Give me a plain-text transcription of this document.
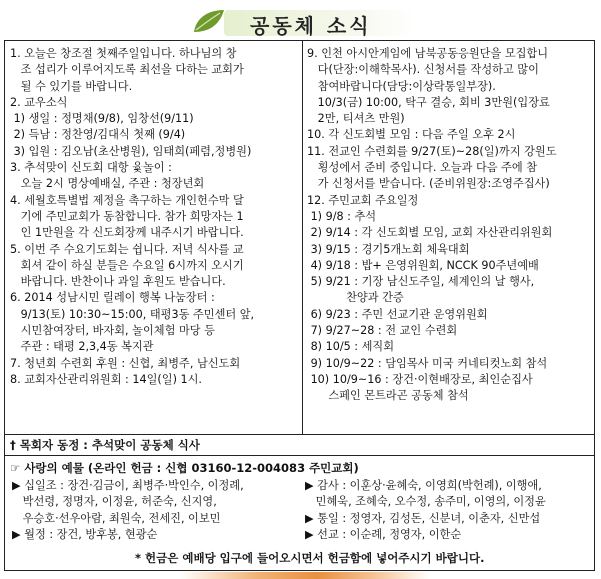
공동체 소식
1. 오늘은 창조절 첫째주일입니다. 하나님의 창
조 섭리가 이루어지도록 최선을 다하는 교회가
될 수 있기를 바랍니다.
2. 교우소식
1) 생일 : 정명채(9/8), 임창선(9/11)
2) 득남 : 정찬영/김대식 첫째 (9/4)
3) 입원 : 김오남(초산병원), 임태희(페렴,정병원)
3. 추석맞이 신도회 대항 윷놀이 :
오늘 2시 명상예배실, 주관 : 청장년회
4. 세월호특별법 제정을 촉구하는 개인헌수막 달
기에 주민교회가 동참합니다. 참가 희망자는 1
인 1만원을 각 신도회장께 내주시기 바랍니다.
5. 이번 주 수요기도회는 쉽니다. 저녁 식사를 교
회셔 같이 하실 분들은 수요일 6시까지 오시기
바랍니다. 반찬이나 과일 후원도 받습니다.
6. 2014 성남시민 릴레이 행복 나눔장터 :
9/13(토) 10:30~15:00, 태평3동 주민센터 앞,
시민참여장터, 바자회, 놀이체험 마당 등
주관 : 태평 2,3,4동 복지관
7. 청년회 수련회 후원 : 신협, 최병주, 남신도회
8. 교회자산관리위원회 : 14일(일) 1시.
9. 인천 아시안게임에 남북공동응원단을 모집합니
다(단장:이해학목사). 신청서를 작성하고 많이
참여바랍니다(담당:이상락통일부장).
10/3(금) 10:00, 탁구 결승, 회비 3만원(입장료
2만, 티셔츠 만원)
10. 각 신도회별 모임 : 다음 주일 오후 2시
11. 전교인 수련회를 9/27(토)~28(일)까지 강원도
횡성에서 준비 중입니다. 오늘과 다음 주에 참
가 신청서를 받습니다. (준비위원장:조영주집사)
12. 주민교회 주요일정
1) 9/8 : 추석
2) 9/14 : 각 신도회별 모임, 교회 자산관리위원회
3) 9/15 : 경기5개노회 체육대회
4) 9/18 : 밥+ 은영위원회, NCCK 90주년예배
5) 9/21 : 기장 남신도주일, 세계인의 날 행사,
찬양과 간증
6) 9/23 : 주민 선교기관 운영위원회
7) 9/27~28 : 전 교인 수련회
8) 10/5 : 세직회
9) 10/9~22 : 담임목사 미국 커네티컷노회 참석
10) 10/9~16 : 장건·이현배장로, 최인순집사
스페인 몬트라곤 공동체 참석
† 목회자 동정 : 추석맞이 공동체 식사
☞ 사랑의 예물 (온라인 헌금 : 신협 03160-12-004083 주민교회)
▶ 십일조 : 장건·김금이, 최병주·박인수, 이정례,
박선령, 정명자, 이정윤, 허준숙, 신지영,
우승호·선우아람, 최원숙, 전세진, 이보민
▶ 월정 : 장건, 방후봉, 현광순
▶ 감사 : 이훈상·윤혜숙, 이영희(박헌례), 이행애,
민혜욱, 조혜숙, 오수정, 송주미, 이영의, 이정윤
▶ 통일 : 정영자, 김성돈, 신분녀, 이춘자, 신만섭
▶ 선교 : 이순례, 정영자, 이한순
* 헌금은 예배당 입구에 들어오시면서 헌금함에 넣어주시기 바랍니다.
